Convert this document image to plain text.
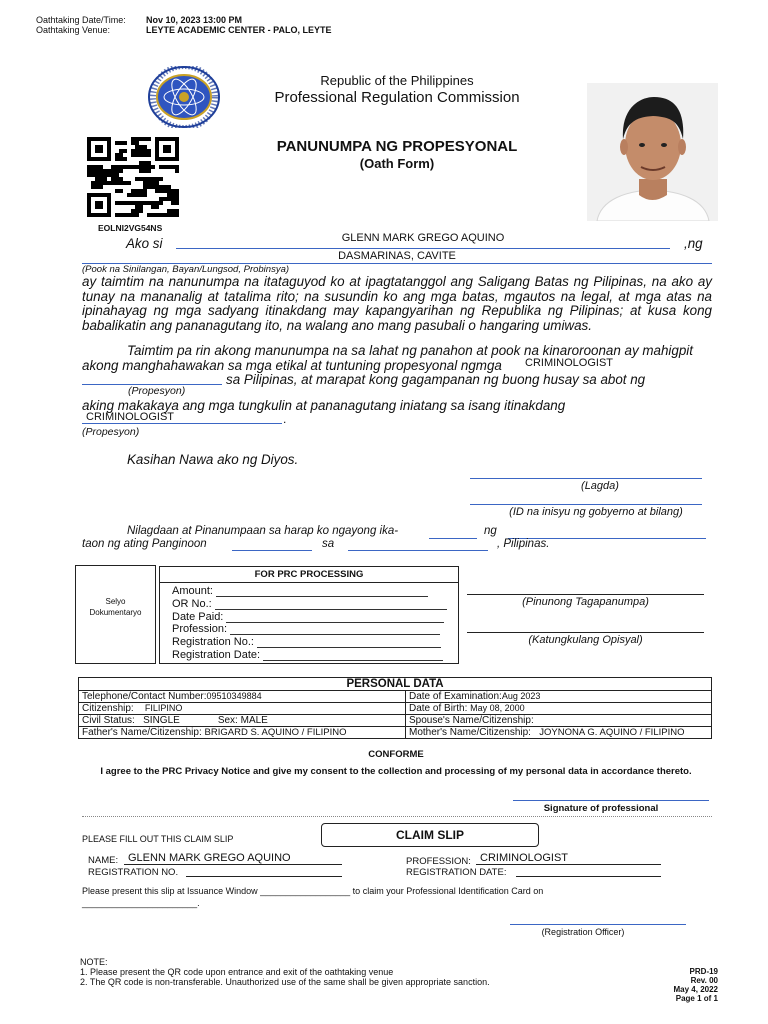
Oathtaking Date/Time: Nov 10, 2023 13:00 PM
Oathtaking Venue:	LEYTE ACADEMIC CENTER - PALO, LEYTE
Republic of the Philippines
Professional Regulation Commission
PANUNUMPA NG PROPESYONAL
(Oath Form)
EOLNI2VG54NS
Ako si	GLENN MARK GREGO AQUINO	,ng
DASMARINAS, CAVITE
(Pook na Sinilangan, Bayan/Lungsod, Probinsya)
ay taimtim na nanunumpa na itataguyod ko at ipagtatanggol ang Saligang Batas ng Pilipinas, na ako ay tunay na mananalig at tatalima rito; na susundin ko ang mga batas, mgautos na legal, at mga atas na ipinahayag ng mga sadyang itinakdang may kapangyarihan ng Republika ng Pilipinas; at kusa kong babalikatin ang pananagutang ito, na walang ano mang pasubali o hangaring umiwas.
Taimtim pa rin akong manunumpa na sa lahat ng panahon at pook na kinaroroonan ay mahigpit
akong manghahawakan sa mga etikal at tuntuning propesyonal ngmga CRIMINOLOGIST
sa Pilipinas, at marapat kong gagampanan ng buong husay sa abot ng
(Propesyon)
aking makakaya ang mga tungkulin at pananagutang iniatang sa isang itinakdang
CRIMINOLOGIST	.
(Propesyon)
Kasihan Nawa ako ng Diyos.
(Lagda)
(ID na inisyu ng gobyerno at bilang)
Nilagdaan at Pinanumpaan sa harap ko ngayong ika-	ng
taon ng ating Panginoon	sa	, Pilipinas.
Selyo
Dokumentaryo
FOR PRC PROCESSING
Amount:
OR No.:
Date Paid:
Profession:
Registration No.:
Registration Date:
(Pinunong Tagapanumpa)
(Katungkulang Opisyal)
PERSONAL DATA
Telephone/Contact Number:09510349884	Date of Examination:Aug 2023
Citizenship: FILIPINO	Date of Birth: May 08, 2000
Civil Status: SINGLE Sex: MALE	Spouse's Name/Citizenship:
Father's Name/Citizenship: BRIGARD S. AQUINO / FILIPINO	Mother's Name/Citizenship: JOYNONA G. AQUINO / FILIPINO
CONFORME
I agree to the PRC Privacy Notice and give my consent to the collection and processing of my personal data in accordance thereto.
Signature of professional
PLEASE FILL OUT THIS CLAIM SLIP	CLAIM SLIP
NAME: GLENN MARK GREGO AQUINO
REGISTRATION NO.
PROFESSION: CRIMINOLOGIST
REGISTRATION DATE:
Please present this slip at Issuance Window __________________ to claim your Professional Identification Card on
_______________________.
(Registration Officer)
NOTE:
1. Please present the QR code upon entrance and exit of the oathtaking venue
2. The QR code is non-transferable. Unauthorized use of the same shall be given appropriate sanction.
PRD-19
Rev. 00
May 4, 2022
Page 1 of 1
